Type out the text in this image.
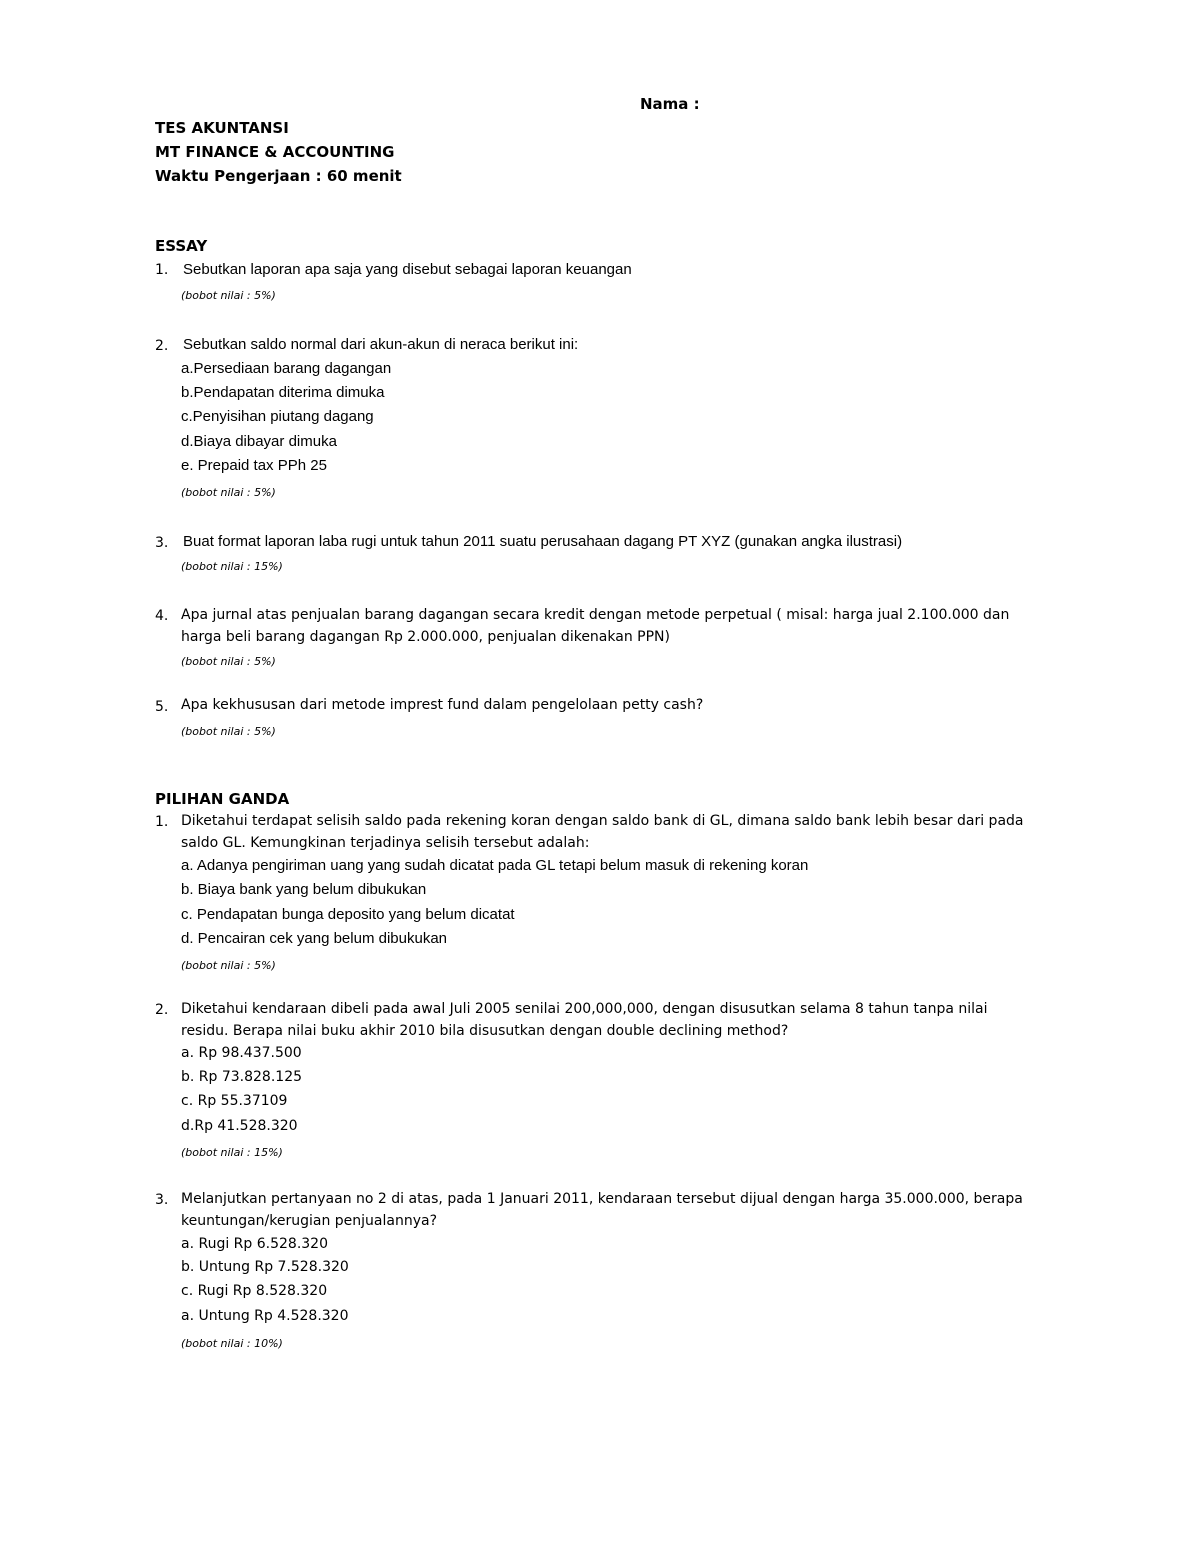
Nama :
TES AKUNTANSI
MT FINANCE & ACCOUNTING
Waktu Pengerjaan : 60 menit
ESSAY
1. Sebutkan laporan apa saja yang disebut sebagai laporan keuangan
(bobot nilai : 5%)
2. Sebutkan saldo normal dari akun-akun di neraca berikut ini:
a.Persediaan barang dagangan
b.Pendapatan diterima dimuka
c.Penyisihan piutang dagang
d.Biaya dibayar dimuka
e. Prepaid tax PPh 25
(bobot nilai : 5%)
3. Buat format laporan laba rugi untuk tahun 2011 suatu perusahaan dagang PT XYZ (gunakan angka ilustrasi)
(bobot nilai : 15%)
4. Apa jurnal atas penjualan barang dagangan secara kredit dengan metode perpetual ( misal: harga jual 2.100.000 dan
harga beli barang dagangan Rp 2.000.000, penjualan dikenakan PPN)
(bobot nilai : 5%)
5. Apa kekhususan dari metode imprest fund dalam pengelolaan petty cash?
(bobot nilai : 5%)
PILIHAN GANDA
1. Diketahui terdapat selisih saldo pada rekening koran dengan saldo bank di GL, dimana saldo bank lebih besar dari pada
saldo GL. Kemungkinan terjadinya selisih tersebut adalah:
a. Adanya pengiriman uang yang sudah dicatat pada GL tetapi belum masuk di rekening koran
b. Biaya bank yang belum dibukukan
c. Pendapatan bunga deposito yang belum dicatat
d. Pencairan cek yang belum dibukukan
(bobot nilai : 5%)
2. Diketahui kendaraan dibeli pada awal Juli 2005 senilai 200,000,000, dengan disusutkan selama 8 tahun tanpa nilai
residu. Berapa nilai buku akhir 2010 bila disusutkan dengan double declining method?
a. Rp 98.437.500
b. Rp 73.828.125
c. Rp 55.37109
d.Rp 41.528.320
(bobot nilai : 15%)
3. Melanjutkan pertanyaan no 2 di atas, pada 1 Januari 2011, kendaraan tersebut dijual dengan harga 35.000.000, berapa
keuntungan/kerugian penjualannya?
a. Rugi Rp 6.528.320
b. Untung Rp 7.528.320
c. Rugi Rp 8.528.320
a. Untung Rp 4.528.320
(bobot nilai : 10%)
